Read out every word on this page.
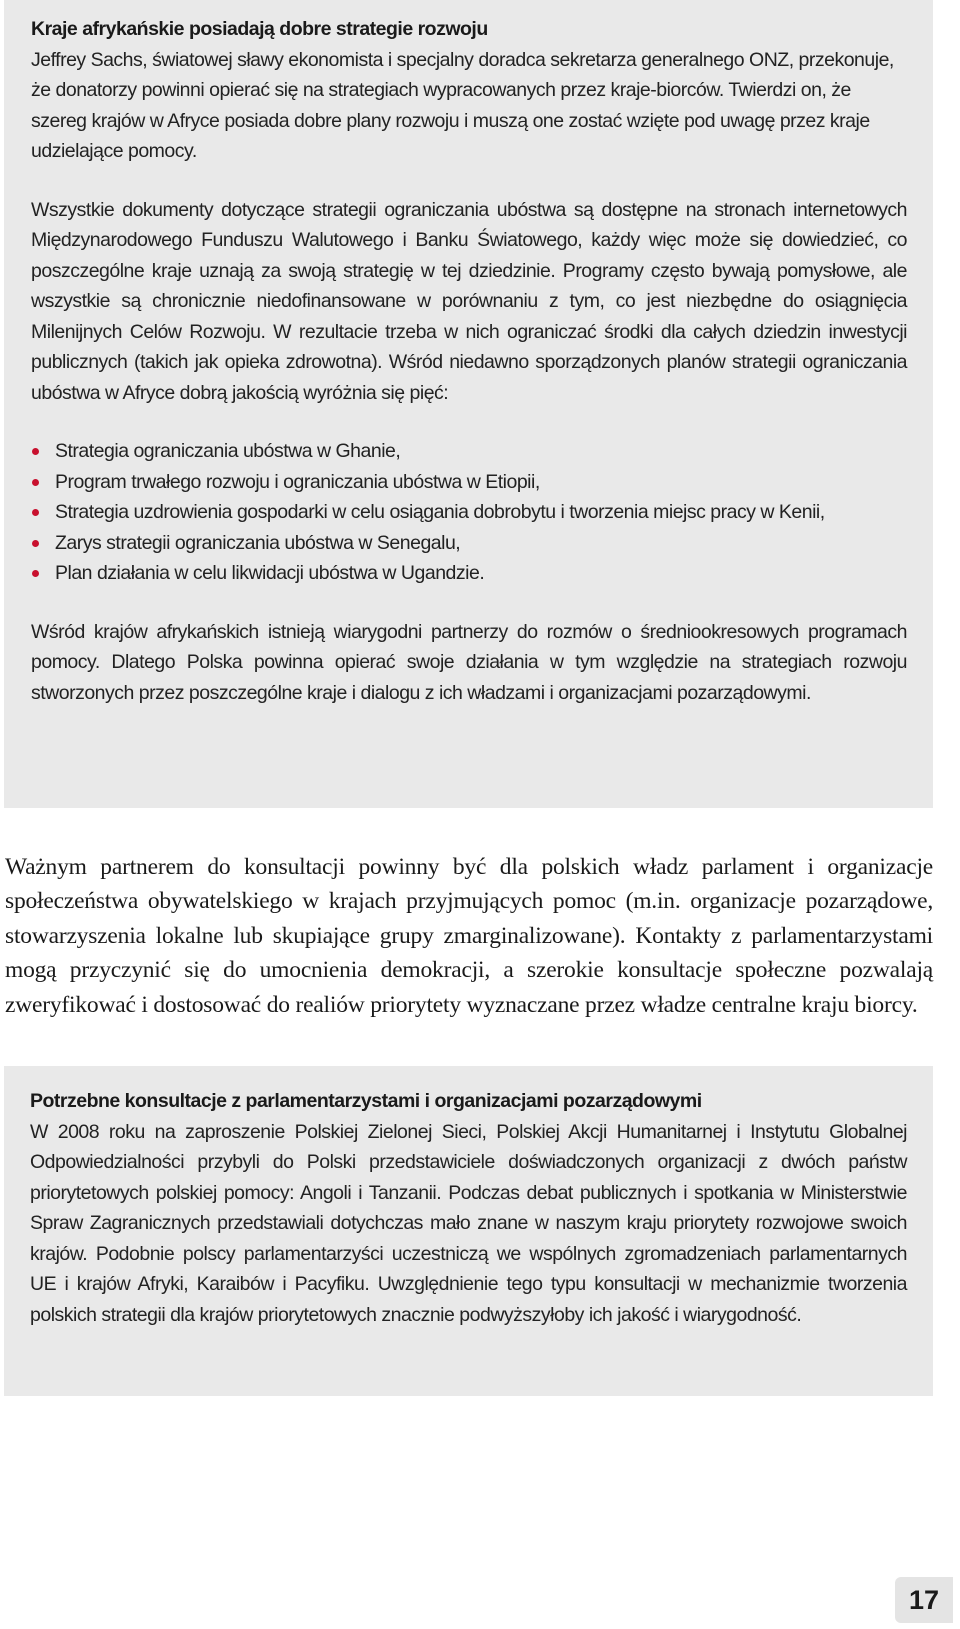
Kraje afrykańskie posiadają dobre strategie rozwoju

Jeffrey Sachs, światowej sławy ekonomista i specjalny doradca sekretarza generalnego ONZ, przekonuje, że donatorzy powinni opierać się na strategiach wypracowanych przez kraje-biorców. Twierdzi on, że szereg krajów w Afryce posiada dobre plany rozwoju i muszą one zostać wzięte pod uwagę przez kraje udzielające pomocy.

Wszystkie dokumenty dotyczące strategii ograniczania ubóstwa są dostępne na stronach internetowych Międzynarodowego Funduszu Walutowego i Banku Światowego, każdy więc może się dowiedzieć, co poszczególne kraje uznają za swoją strategię w tej dziedzinie. Programy często bywają pomysłowe, ale wszystkie są chronicznie niedofinansowane w porównaniu z tym, co jest niezbędne do osiągnięcia Milenijnych Celów Rozwoju. W rezultacie trzeba w nich ograniczać środki dla całych dziedzin inwestycji publicznych (takich jak opieka zdrowotna). Wśród niedawno sporządzonych planów strategii ograniczania ubóstwa w Afryce dobrą jakością wyróżnia się pięć:

Strategia ograniczania ubóstwa w Ghanie,
Program trwałego rozwoju i ograniczania ubóstwa w Etiopii,
Strategia uzdrowienia gospodarki w celu osiągania dobrobytu i tworzenia miejsc pracy w Kenii,
Zarys strategii ograniczania ubóstwa w Senegalu,
Plan działania w celu likwidacji ubóstwa w Ugandzie.

Wśród krajów afrykańskich istnieją wiarygodni partnerzy do rozmów o średniookresowych programach pomocy. Dlatego Polska powinna opierać swoje działania w tym względzie na strategiach rozwoju stworzonych przez poszczególne kraje i dialogu z ich władzami i organizacjami pozarządowymi.

Ważnym partnerem do konsultacji powinny być dla polskich władz parlament i organizacje społeczeństwa obywatelskiego w krajach przyjmujących pomoc (m.in. organizacje pozarządowe, stowarzyszenia lokalne lub skupiające grupy zmarginalizowane). Kontakty z parlamentarzystami mogą przyczynić się do umocnienia demokracji, a szerokie konsultacje społeczne pozwalają zweryfikować i dostosować do realiów priorytety wyznaczane przez władze centralne kraju biorcy.

Potrzebne konsultacje z parlamentarzystami i organizacjami pozarządowymi

W 2008 roku na zaproszenie Polskiej Zielonej Sieci, Polskiej Akcji Humanitarnej i Instytutu Globalnej Odpowiedzialności przybyli do Polski przedstawiciele doświadczonych organizacji z dwóch państw priorytetowych polskiej pomocy: Angoli i Tanzanii. Podczas debat publicznych i spotkania w Ministerstwie Spraw Zagranicznych przedstawiali dotychczas mało znane w naszym kraju priorytety rozwojowe swoich krajów. Podobnie polscy parlamentarzyści uczestniczą we wspólnych zgromadzeniach parlamentarnych UE i krajów Afryki, Karaibów i Pacyfiku. Uwzględnienie tego typu konsultacji w mechanizmie tworzenia polskich strategii dla krajów priorytetowych znacznie podwyższyłoby ich jakość i wiarygodność.

17
